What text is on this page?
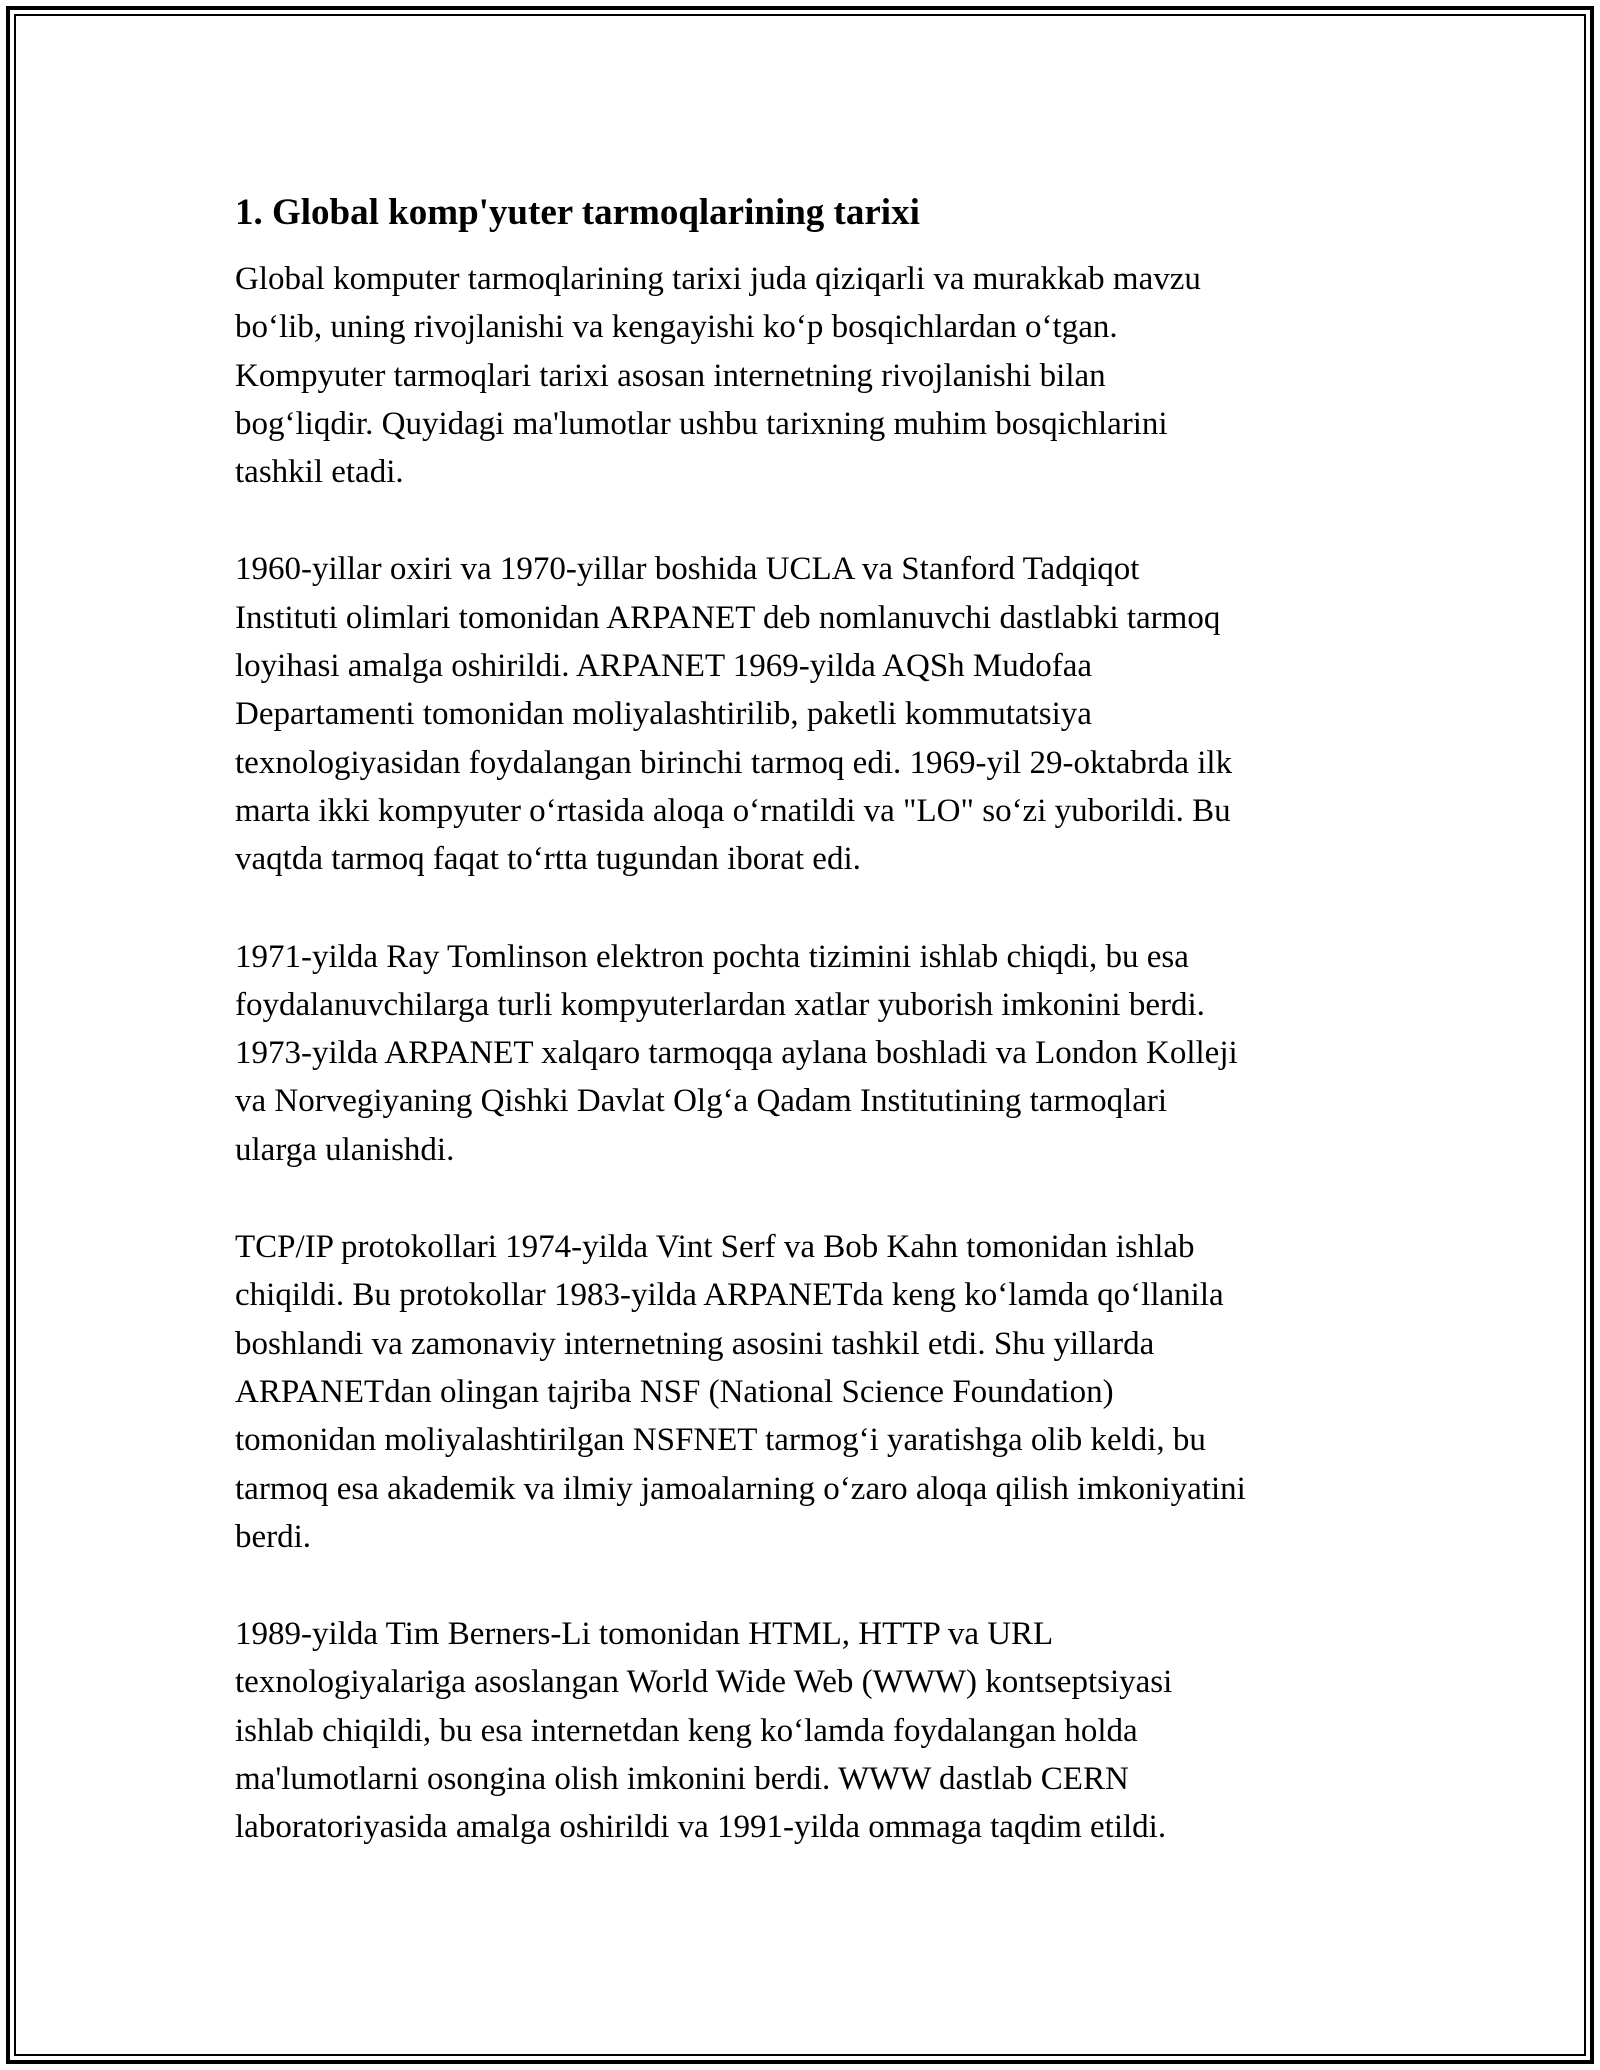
1. Global komp'yuter tarmoqlarining tarixi

Global komputer tarmoqlarining tarixi juda qiziqarli va murakkab mavzu
boʻlib, uning rivojlanishi va kengayishi koʻp bosqichlardan oʻtgan.
Kompyuter tarmoqlari tarixi asosan internetning rivojlanishi bilan
bogʻliqdir. Quyidagi ma'lumotlar ushbu tarixning muhim bosqichlarini
tashkil etadi.

1960-yillar oxiri va 1970-yillar boshida UCLA va Stanford Tadqiqot
Instituti olimlari tomonidan ARPANET deb nomlanuvchi dastlabki tarmoq
loyihasi amalga oshirildi. ARPANET 1969-yilda AQSh Mudofaa
Departamenti tomonidan moliyalashtirilib, paketli kommutatsiya
texnologiyasidan foydalangan birinchi tarmoq edi. 1969-yil 29-oktabrda ilk
marta ikki kompyuter oʻrtasida aloqa oʻrnatildi va "LO" soʻzi yuborildi. Bu
vaqtda tarmoq faqat toʻrtta tugundan iborat edi.

1971-yilda Ray Tomlinson elektron pochta tizimini ishlab chiqdi, bu esa
foydalanuvchilarga turli kompyuterlardan xatlar yuborish imkonini berdi.
1973-yilda ARPANET xalqaro tarmoqqa aylana boshladi va London Kolleji
va Norvegiyaning Qishki Davlat Olgʻa Qadam Institutining tarmoqlari
ularga ulanishdi.

TCP/IP protokollari 1974-yilda Vint Serf va Bob Kahn tomonidan ishlab
chiqildi. Bu protokollar 1983-yilda ARPANETda keng koʻlamda qoʻllanila
boshlandi va zamonaviy internetning asosini tashkil etdi. Shu yillarda
ARPANETdan olingan tajriba NSF (National Science Foundation)
tomonidan moliyalashtirilgan NSFNET tarmogʻi yaratishga olib keldi, bu
tarmoq esa akademik va ilmiy jamoalarning oʻzaro aloqa qilish imkoniyatini
berdi.

1989-yilda Tim Berners-Li tomonidan HTML, HTTP va URL
texnologiyalariga asoslangan World Wide Web (WWW) kontseptsiyasi
ishlab chiqildi, bu esa internetdan keng koʻlamda foydalangan holda
ma'lumotlarni osongina olish imkonini berdi. WWW dastlab CERN
laboratoriyasida amalga oshirildi va 1991-yilda ommaga taqdim etildi.
